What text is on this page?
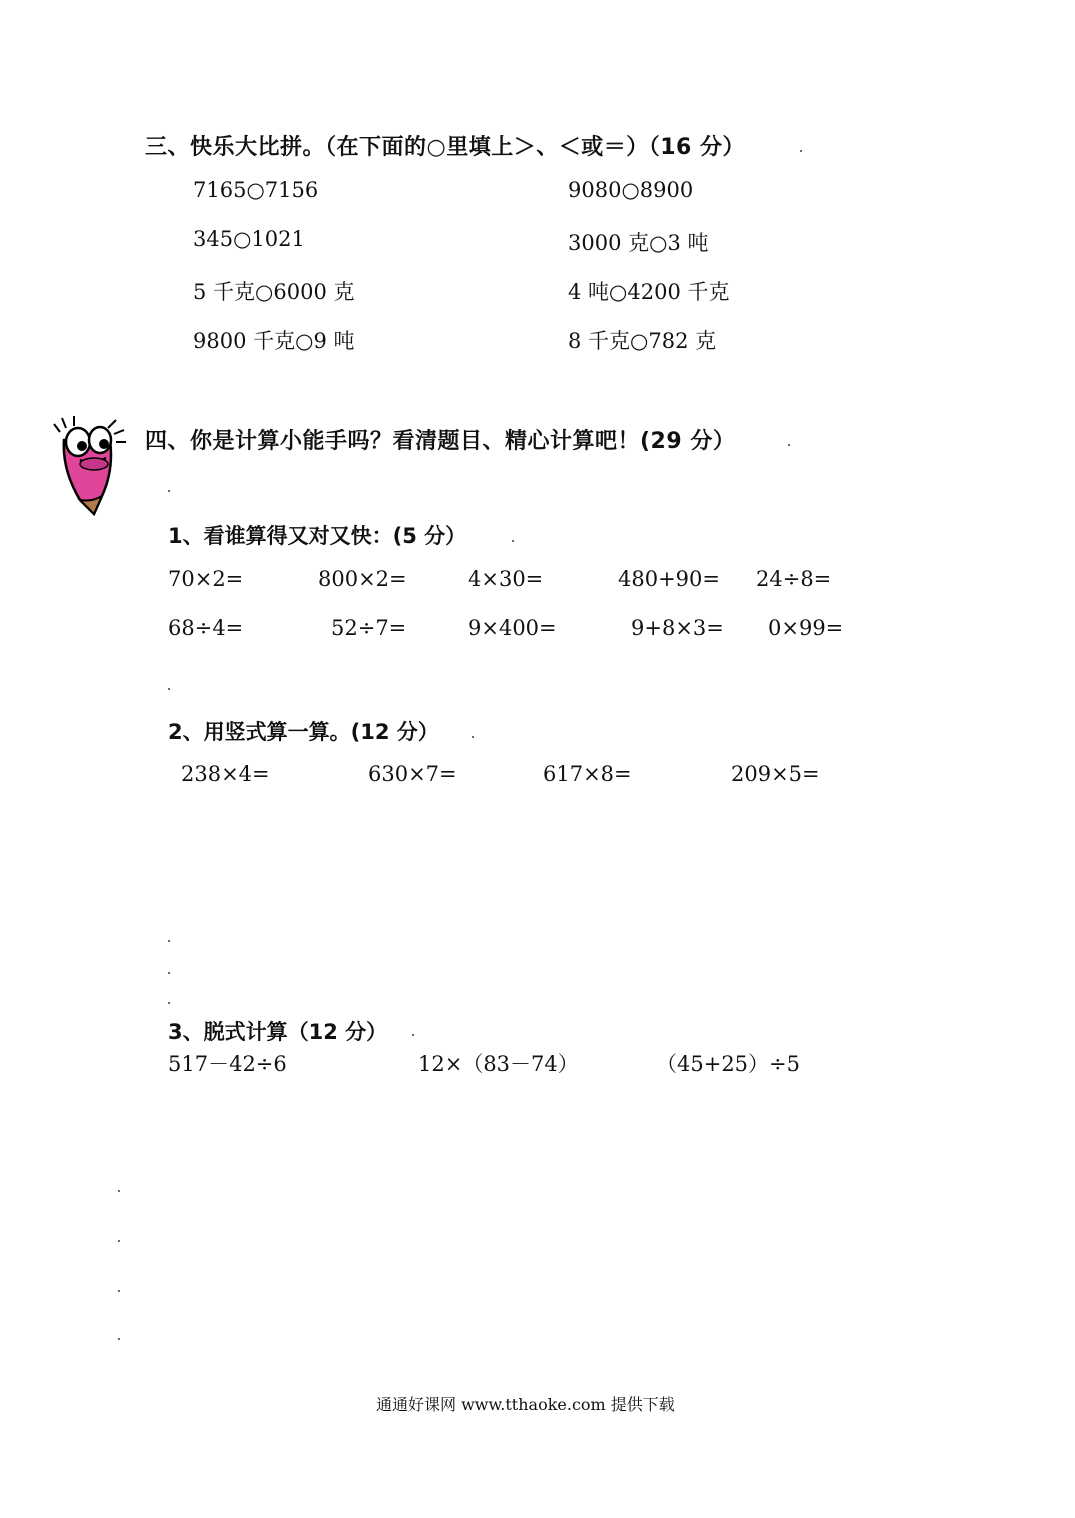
三、快乐大比拼。（在下面的○里填上＞、＜或＝）（16 分）
7165○7156	9080○8900
345○1021	3000 克○3 吨
5 千克○6000 克	4 吨○4200 千克
9800 千克○9 吨	8 千克○782 克
四、你是计算小能手吗？看清题目、精心计算吧！(29 分）
1、看谁算得又对又快：(5 分）
70×2=	800×2=	4×30=	480+90= 24÷8=
68÷4=	52÷7=	9×400=	9+8×3= 0×99=
2、用竖式算一算。(12 分）
238×4=	630×7=	617×8=	209×5=
3、脱式计算（12 分）
517－42÷6	12×（83－74）	（45+25）÷5
通通好课网 www.tthaoke.com 提供下载
